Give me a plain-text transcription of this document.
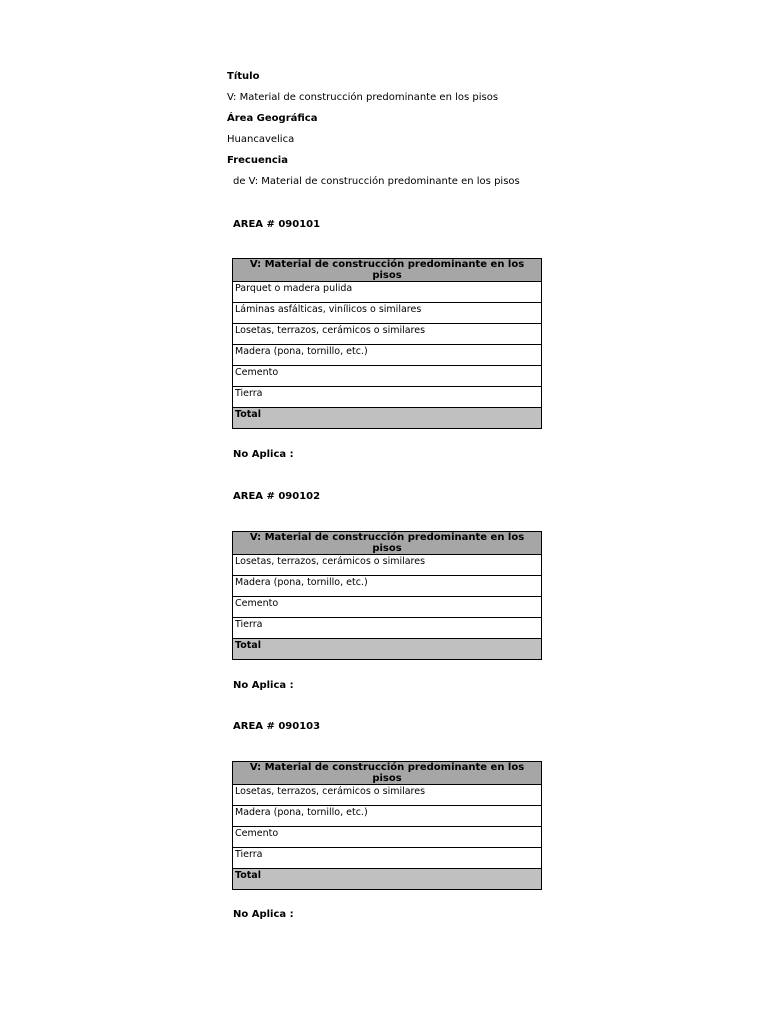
Título
V: Material de construcción predominante en los pisos
Área Geográfica
Huancavelica
Frecuencia
de V: Material de construcción predominante en los pisos
AREA # 090101
V: Material de construcción predominante en los pisos
Parquet o madera pulida
Láminas asfálticas, vinílicos o similares
Losetas, terrazos, cerámicos o similares
Madera (pona, tornillo, etc.)
Cemento
Tierra
Total
No Aplica :
AREA # 090102
V: Material de construcción predominante en los pisos
Losetas, terrazos, cerámicos o similares
Madera (pona, tornillo, etc.)
Cemento
Tierra
Total
No Aplica :
AREA # 090103
V: Material de construcción predominante en los pisos
Losetas, terrazos, cerámicos o similares
Madera (pona, tornillo, etc.)
Cemento
Tierra
Total
No Aplica :
